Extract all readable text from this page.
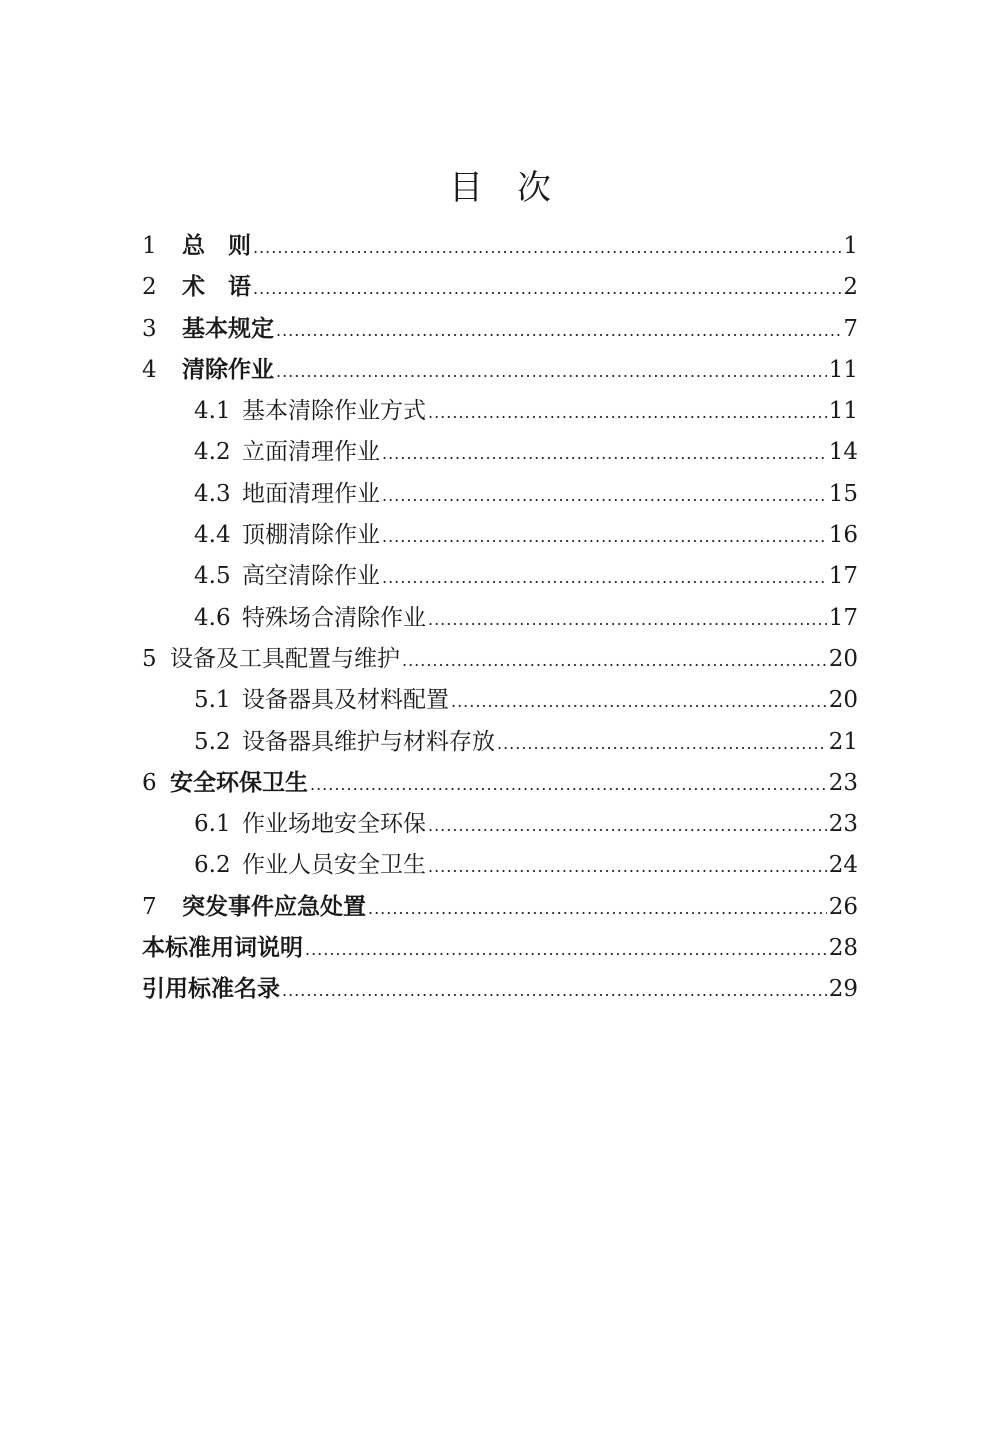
目　次
1	总　则 .....	1
2	术　语 .....	2
3	基本规定 .....	7
4	清除作业 .....	11
4.1 基本清除作业方式 .....	11
4.2 立面清理作业 .....	14
4.3 地面清理作业 .....	15
4.4 顶棚清除作业 .....	16
4.5 高空清除作业 .....	17
4.6 特殊场合清除作业 .....	17
5 设备及工具配置与维护 .....	20
5.1 设备器具及材料配置 .....	20
5.2 设备器具维护与材料存放 .....	21
6 安全环保卫生 .....	23
6.1 作业场地安全环保 .....	23
6.2 作业人员安全卫生 .....	24
7	突发事件应急处置 .....	26
本标准用词说明 .....	28
引用标准名录 .....	29
